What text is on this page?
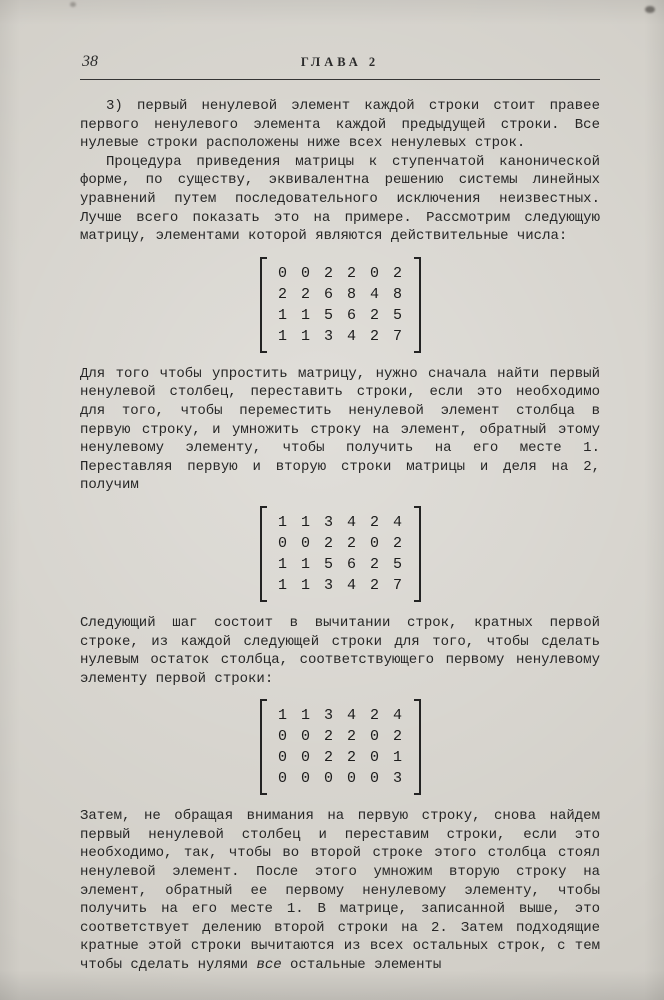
38	ГЛАВА 2

3) первый ненулевой элемент каждой строки стоит правее первого ненулевого элемента каждой предыдущей строки. Все нулевые строки расположены ниже всех ненулевых строк.

Процедура приведения матрицы к ступенчатой канонической форме, по существу, эквивалентна решению системы линейных уравнений путем последовательного исключения неизвестных. Лучше всего показать это на примере. Рассмотрим следующую матрицу, элементами которой являются действительные числа:

0 0 2 2 0 2
2 2 6 8 4 8
1 1 5 6 2 5
1 1 3 4 2 7

Для того чтобы упростить матрицу, нужно сначала найти первый ненулевой столбец, переставить строки, если это необходимо для того, чтобы переместить ненулевой элемент столбца в первую строку, и умножить строку на элемент, обратный этому ненулевому элементу, чтобы получить на его месте 1. Переставляя первую и вторую строки матрицы и деля на 2, получим

1 1 3 4 2 4
0 0 2 2 0 2
1 1 5 6 2 5
1 1 3 4 2 7

Следующий шаг состоит в вычитании строк, кратных первой строке, из каждой следующей строки для того, чтобы сделать нулевым остаток столбца, соответствующего первому ненулевому элементу первой строки:

1 1 3 4 2 4
0 0 2 2 0 2
0 0 2 2 0 1
0 0 0 0 0 3

Затем, не обращая внимания на первую строку, снова найдем первый ненулевой столбец и переставим строки, если это необходимо, так, чтобы во второй строке этого столбца стоял ненулевой элемент. После этого умножим вторую строку на элемент, обратный ее первому ненулевому элементу, чтобы получить на его месте 1. В матрице, записанной выше, это соответствует делению второй строки на 2. Затем подходящие кратные этой строки вычитаются из всех остальных строк, с тем чтобы сделать нулями все остальные элементы
